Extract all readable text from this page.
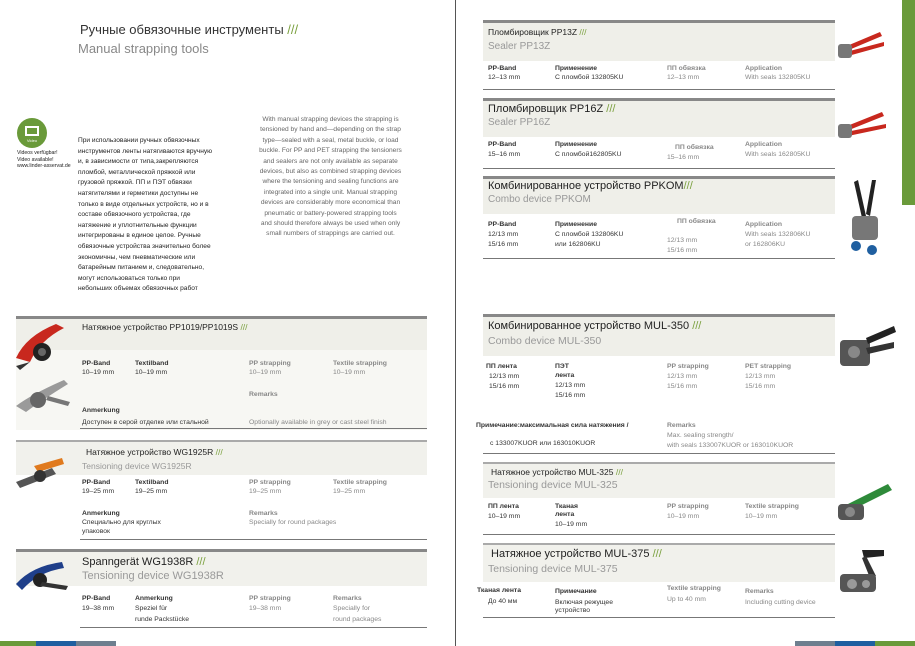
Ручные обвязочные инструменты ///
Manual strapping tools
Video
Videos verfügbar!
Video available!
www.linder-asservat.de
При использовании ручных обвязочных
инструментов ленты натягиваются вручную
и, в зависимости от типа,закрепляются
пломбой, металлической пряжкой или
грузовой пряжкой. ПП и ПЭТ обвязки
натягителями и герметики доступны не
только в виде отдельных устройств, но и в
составе обвязочного устройства, где
натяжение и уплотнительные функции
интегрированы в единое целое. Ручные
обвязочные устройства значительно более
экономичны, чем пневматические или
батарейным питанием и, следовательно,
могут использоваться только при
небольших объемах обвязочных работ
With manual strapping devices the strapping is
tensioned by hand and—depending on the strap
type—sealed with a seal, metal buckle, or load
buckle. For PP and PET strapping the tensioners
and sealers are not only available as separate
devices, but also as combined strapping devices
where the tensioning and sealing functions are
integrated into a single unit. Manual strapping
devices are considerably more economical than
pneumatic or battery-powered strapping tools
and should therefore always be used when only
small numbers of strappings are carried out.
Натяжное устройство PP1019/PP1019S ///
PP-Band
10–19 mm
Textilband
10–19 mm
PP strapping
10–19 mm
Textile strapping
10–19 mm
Remarks
Anmerkung
Доступен в серой отделке или стальной	Optionally available in grey or cast steel finish
Натяжное устройство WG1925R ///
Tensioning device WG1925R
PP-Band
19–25 mm
Textilband
19–25 mm
PP strapping
19–25 mm
Textile strapping
19–25 mm
Anmerkung
Специально для круглых
упаковок
Remarks
Specially for round packages
Spanngerät WG1938R ///
Tensioning device WG1938R
PP-Band
19–38 mm
Anmerkung
Speziel für
runde Packstücke
PP strapping
19–38 mm
Remarks
Specially for
round packages
Пломбировщик PP13Z ///
Sealer PP13Z
PP-Band
12–13 mm
Применение
С пломбой 132805KU
ПП обвязка
12–13 mm
Application
With seals 132805KU
Пломбировщик PP16Z ///
Sealer PP16Z
PP-Band
15–16 mm
Применение
С пломбой162805KU
ПП обвязка
15–16 mm
Application
With seals 162805KU
Комбинированное устройство PPKOM///
Combo device PPKOM
PP-Band
12/13 mm
15/16 mm
Применение
С пломбой 132806KU
или 162806KU
ПП обвязка
12/13 mm
15/16 mm
Application
With seals 132806KU
or 162806KU
Комбинированное устройство MUL-350 ///
Combo device MUL-350
ПП лента
12/13 mm
15/16 mm
ПЭТ
лента
12/13 mm
15/16 mm
PP strapping
12/13 mm
15/16 mm
PET strapping
12/13 mm
15/16 mm
Примечание:максимальная сила натяжения /
с 133007KUOR или 163010KUOR
Remarks
Max. sealing strength/
with seals 133007KUOR or 163010KUOR
Натяжное устройство MUL-325 ///
Tensioning device MUL-325
ПП лента
10–19 mm
Тканая
лента
10–19 mm
PP strapping
10–19 mm
Textile strapping
10–19 mm
Натяжное устройство MUL-375 ///
Tensioning device MUL-375
Тканая лента
До 40 мм
Примечание
Включая режущее
устройство
Textile strapping
Up to 40 mm
Remarks
Including cutting device
